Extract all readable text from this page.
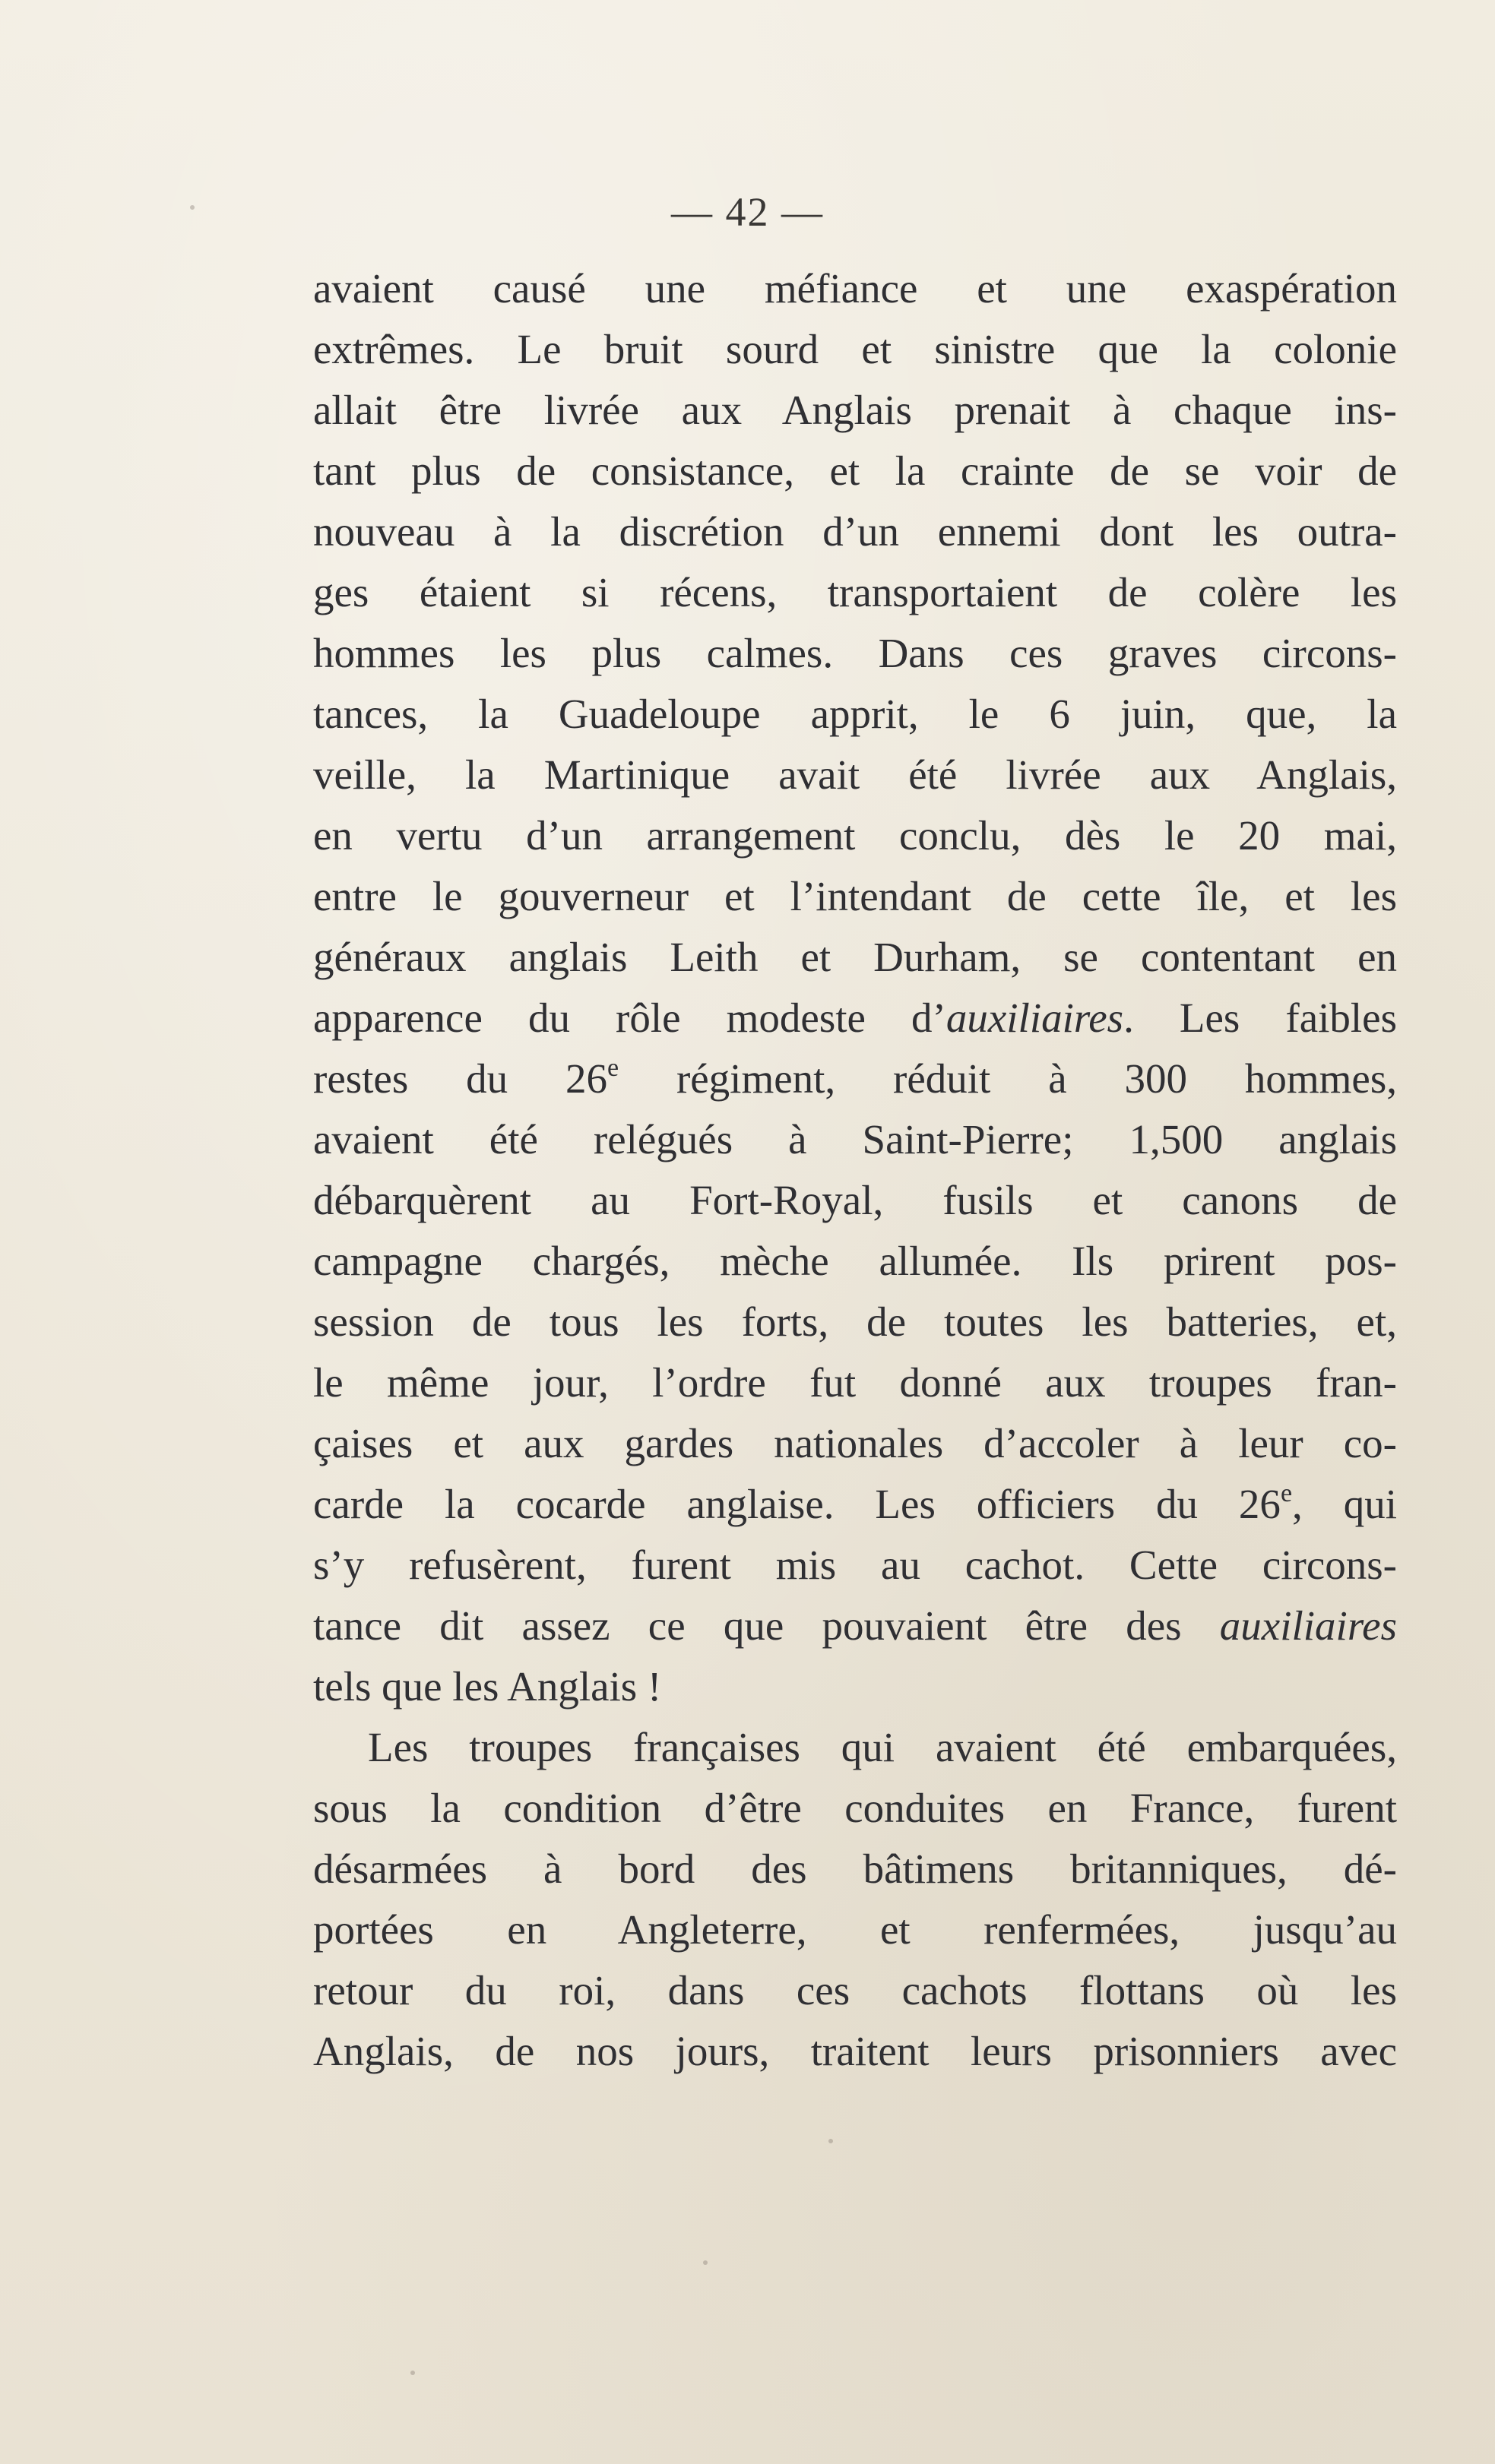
— 42 —
avaient causé une méfiance et une exaspération
extrêmes. Le bruit sourd et sinistre que la colonie
allait être livrée aux Anglais prenait à chaque ins-
tant plus de consistance, et la crainte de se voir de
nouveau à la discrétion d’un ennemi dont les outra-
ges étaient si récens, transportaient de colère les
hommes les plus calmes. Dans ces graves circons-
tances, la Guadeloupe apprit, le 6 juin, que, la
veille, la Martinique avait été livrée aux Anglais,
en vertu d’un arrangement conclu, dès le 20 mai,
entre le gouverneur et l’intendant de cette île, et les
généraux anglais Leith et Durham, se contentant en
apparence du rôle modeste d’auxiliaires. Les faibles
restes du 26e régiment, réduit à 300 hommes,
avaient été relégués à Saint-Pierre; 1,500 anglais
débarquèrent au Fort-Royal, fusils et canons de
campagne chargés, mèche allumée. Ils prirent pos-
session de tous les forts, de toutes les batteries, et,
le même jour, l’ordre fut donné aux troupes fran-
çaises et aux gardes nationales d’accoler à leur co-
carde la cocarde anglaise. Les officiers du 26e, qui
s’y refusèrent, furent mis au cachot. Cette circons-
tance dit assez ce que pouvaient être des auxiliaires
tels que les Anglais !
Les troupes françaises qui avaient été embarquées,
sous la condition d’être conduites en France, furent
désarmées à bord des bâtimens britanniques, dé-
portées en Angleterre, et renfermées, jusqu’au
retour du roi, dans ces cachots flottans où les
Anglais, de nos jours, traitent leurs prisonniers avec
